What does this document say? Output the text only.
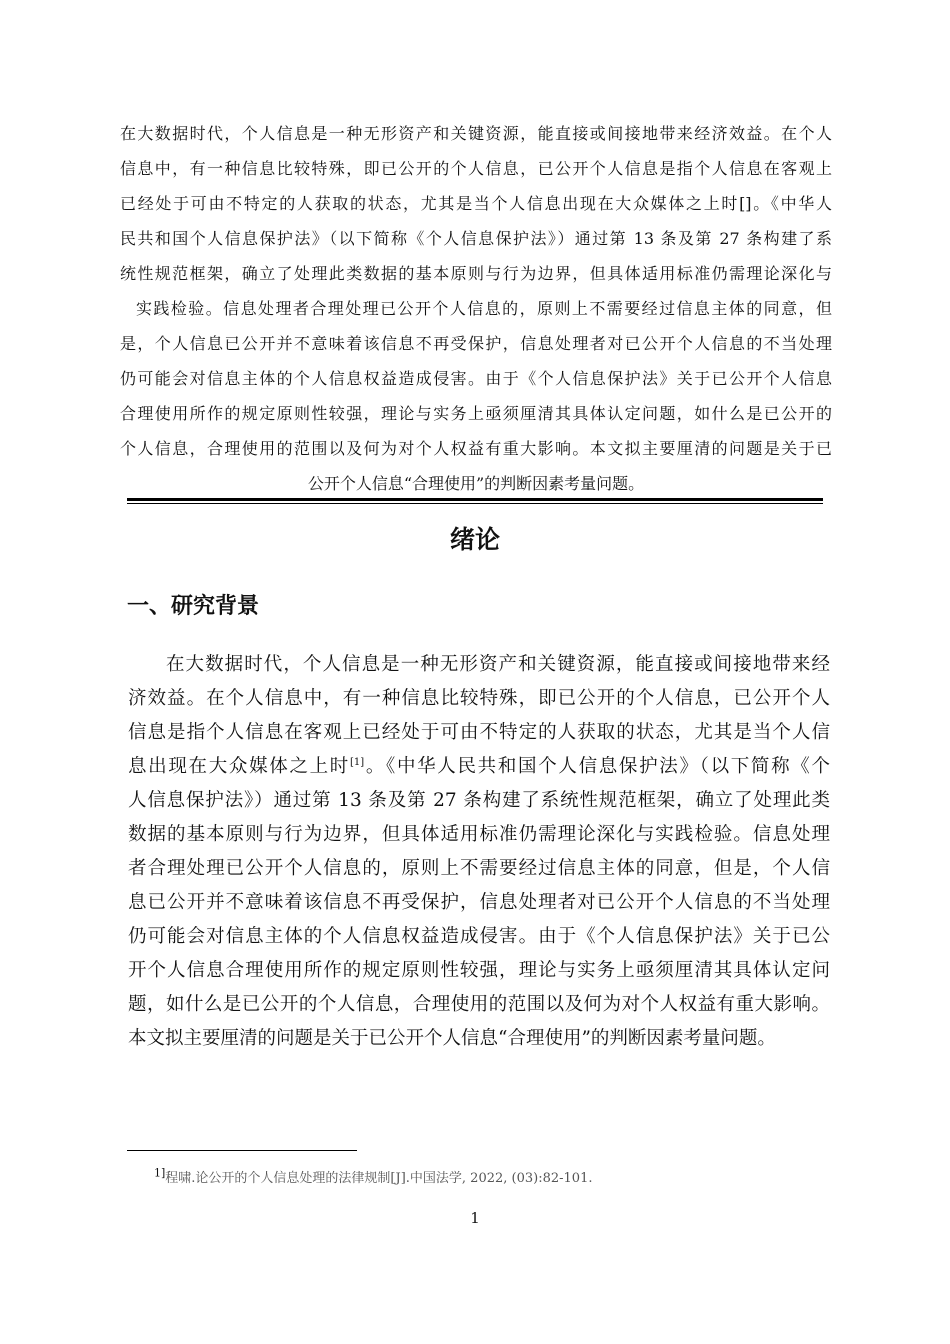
在大数据时代，个人信息是一种无形资产和关键资源，能直接或间接地带来经济效益。在个人

信息中，有一种信息比较特殊，即已公开的个人信息，已公开个人信息是指个人信息在客观上

已经处于可由不特定的人获取的状态，尤其是当个人信息出现在大众媒体之上时[]。《中华人

民共和国个人信息保护法》（以下简称《个人信息保护法》）通过第 13 条及第 27 条构建了系

统性规范框架，确立了处理此类数据的基本原则与行为边界，但具体适用标准仍需理论深化与

实践检验。信息处理者合理处理已公开个人信息的，原则上不需要经过信息主体的同意，但

是，个人信息已公开并不意味着该信息不再受保护，信息处理者对已公开个人信息的不当处理

仍可能会对信息主体的个人信息权益造成侵害。由于《个人信息保护法》关于已公开个人信息

合理使用所作的规定原则性较强，理论与实务上亟须厘清其具体认定问题，如什么是已公开的

个人信息，合理使用的范围以及何为对个人权益有重大影响。本文拟主要厘清的问题是关于已

公开个人信息“合理使用”的判断因素考量问题。

绪论
一、研究背景

在大数据时代，个人信息是一种无形资产和关键资源，能直接或间接地带来经

济效益。在个人信息中，有一种信息比较特殊，即已公开的个人信息，已公开个人

信息是指个人信息在客观上已经处于可由不特定的人获取的状态，尤其是当个人信

息出现在大众媒体之上时[1]。《中华人民共和国个人信息保护法》（以下简称《个

人信息保护法》）通过第 13 条及第 27 条构建了系统性规范框架，确立了处理此类

数据的基本原则与行为边界，但具体适用标准仍需理论深化与实践检验。信息处理

者合理处理已公开个人信息的，原则上不需要经过信息主体的同意，但是，个人信

息已公开并不意味着该信息不再受保护，信息处理者对已公开个人信息的不当处理

仍可能会对信息主体的个人信息权益造成侵害。由于《个人信息保护法》关于已公

开个人信息合理使用所作的规定原则性较强，理论与实务上亟须厘清其具体认定问

题，如什么是已公开的个人信息，合理使用的范围以及何为对个人权益有重大影响。

本文拟主要厘清的问题是关于已公开个人信息“合理使用”的判断因素考量问题。

$^{1]}$程啸.论公开的个人信息处理的法律规制[J].中国法学, 2022, (03):82-101.

1
